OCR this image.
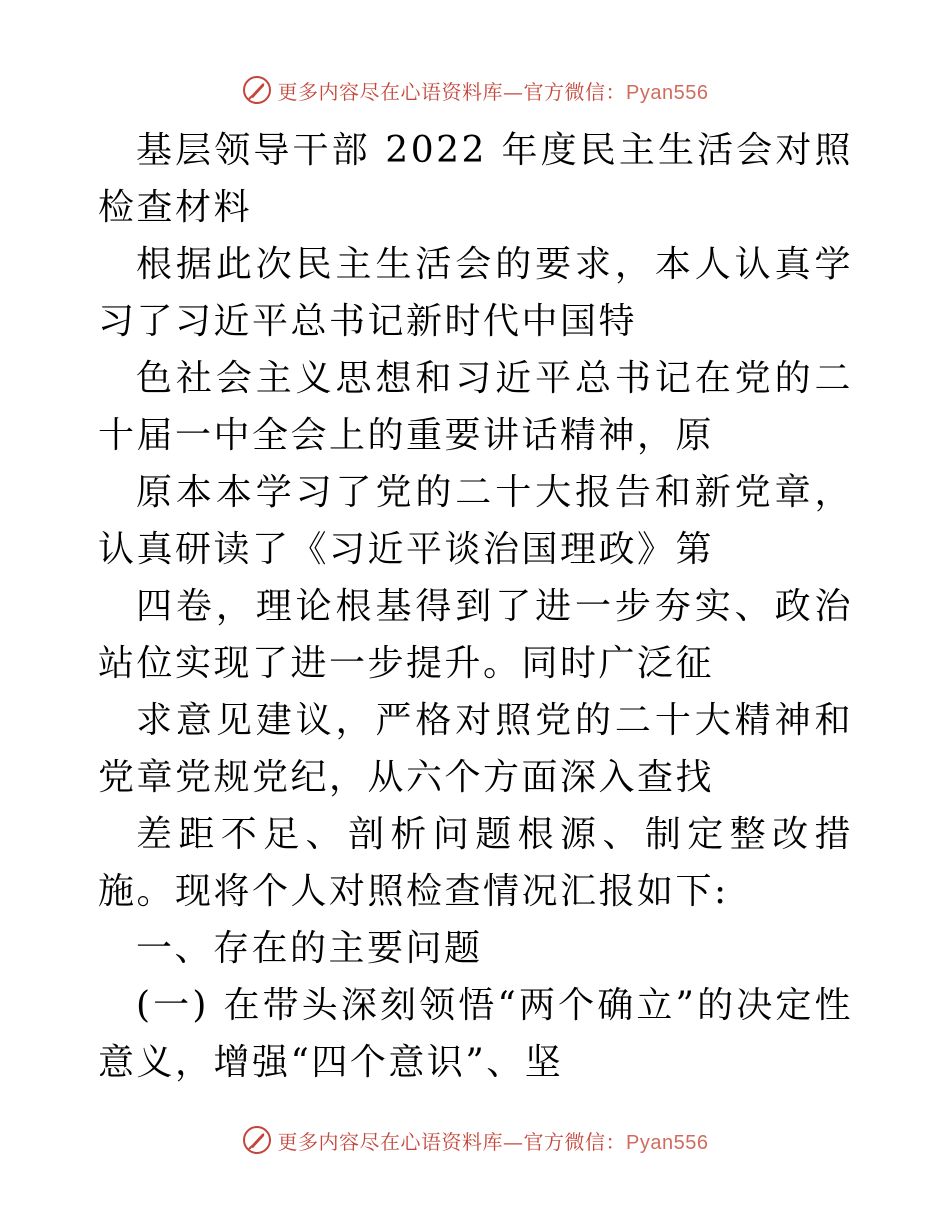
更多内容尽在心语资料库—官方微信：Pyan556

基层领导干部 2022 年度民主生活会对照检查材料

根据此次民主生活会的要求，本人认真学习了习近平总书记新时代中国特

色社会主义思想和习近平总书记在党的二十届一中全会上的重要讲话精神，原

原本本学习了党的二十大报告和新党章，认真研读了《习近平谈治国理政》第

四卷，理论根基得到了进一步夯实、政治站位实现了进一步提升。同时广泛征

求意见建议，严格对照党的二十大精神和党章党规党纪，从六个方面深入查找

差距不足、剖析问题根源、制定整改措施。现将个人对照检查情况汇报如下:

一、存在的主要问题

(一) 在带头深刻领悟“两个确立”的决定性意义，增强“四个意识”、坚

更多内容尽在心语资料库—官方微信：Pyan556
